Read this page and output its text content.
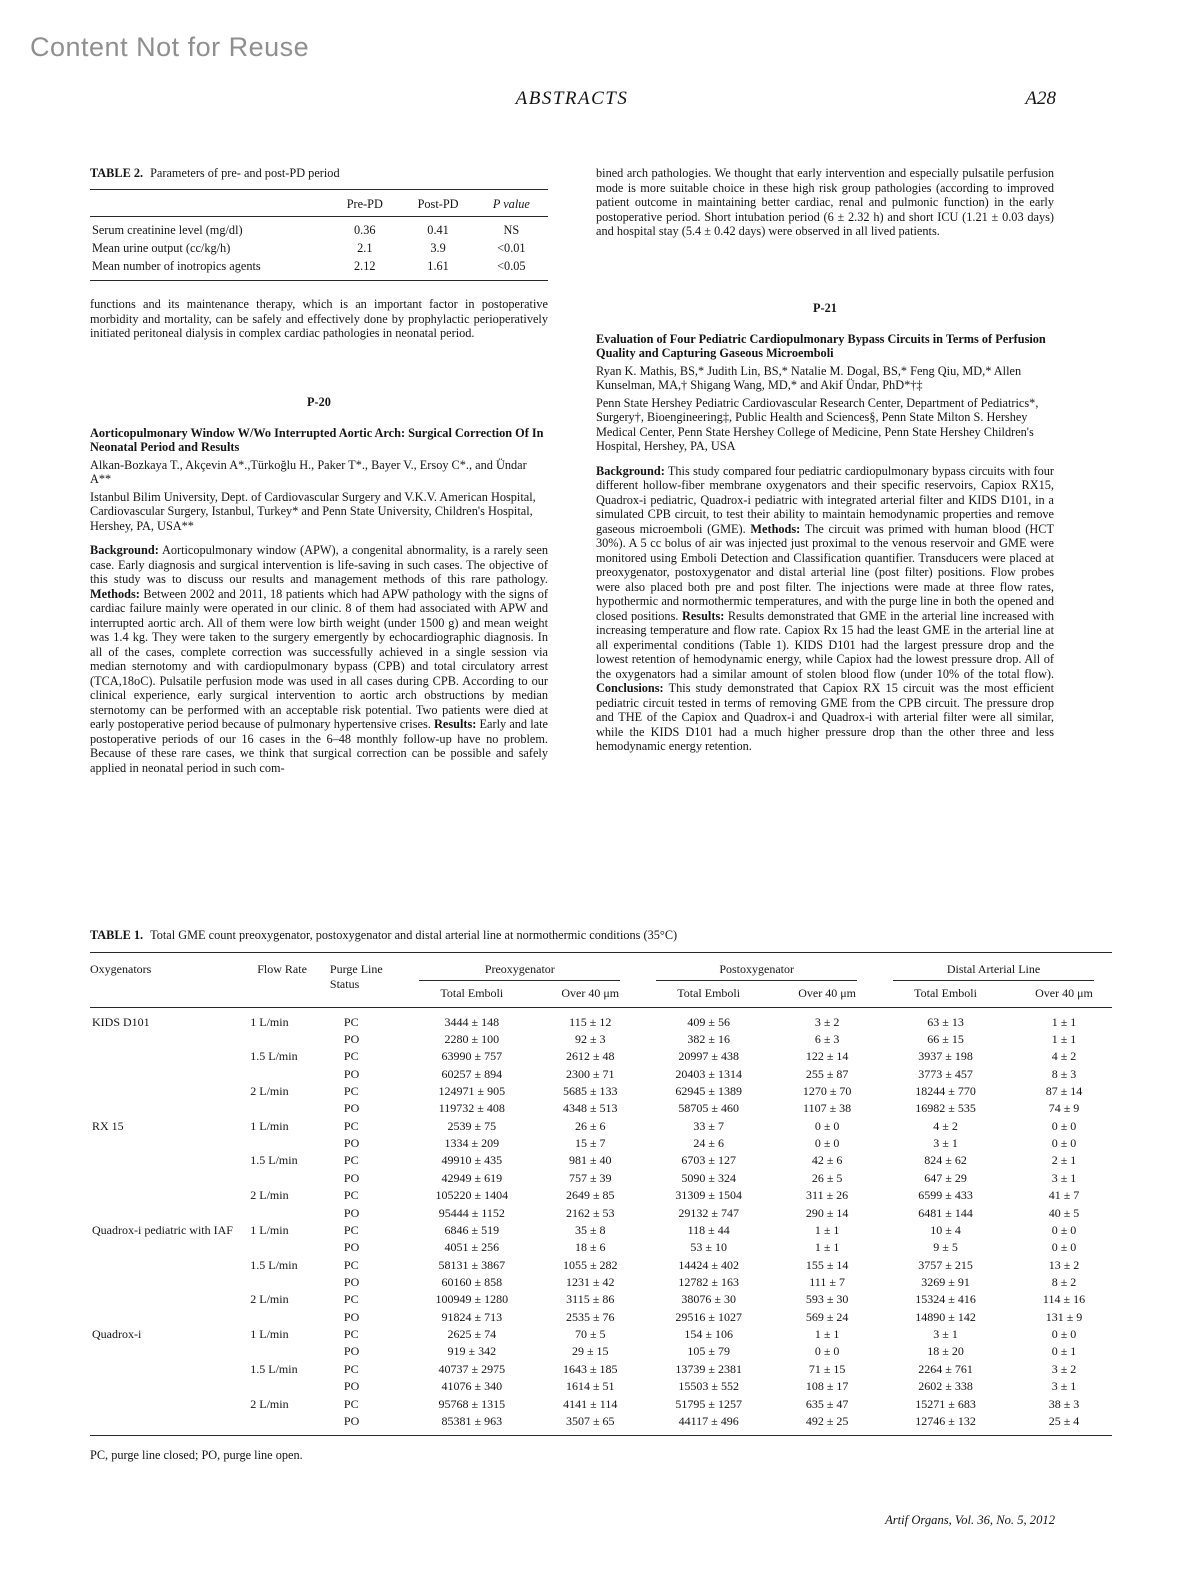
Content Not for Reuse
ABSTRACTS	A28
TABLE 2. Parameters of pre- and post-PD period
	Pre-PD	Post-PD	P value
Serum creatinine level (mg/dl)	0.36	0.41	NS
Mean urine output (cc/kg/h)	2.1	3.9	<0.01
Mean number of inotropics agents	2.12	1.61	<0.05

functions and its maintenance therapy, which is an important factor in postoperative morbidity and mortality, can be safely and effectively done by prophylactic perioperatively initiated peritoneal dialysis in complex cardiac pathologies in neonatal period.

P-20
Aorticopulmonary Window W/Wo Interrupted Aortic Arch: Surgical Correction Of In Neonatal Period and Results
Alkan-Bozkaya T., Akçevin A*.,Türkoğlu H., Paker T*., Bayer V., Ersoy C*., and Ündar A**
Istanbul Bilim University, Dept. of Cardiovascular Surgery and V.K.V. American Hospital, Cardiovascular Surgery, Istanbul, Turkey* and Penn State University, Children's Hospital, Hershey, PA, USA**

Background: Aorticopulmonary window (APW), a congenital abnormality, is a rarely seen case. Early diagnosis and surgical intervention is life-saving in such cases. The objective of this study was to discuss our results and management methods of this rare pathology. Methods: Between 2002 and 2011, 18 patients which had APW pathology with the signs of cardiac failure mainly were operated in our clinic. 8 of them had associated with APW and interrupted aortic arch. All of them were low birth weight (under 1500 g) and mean weight was 1.4 kg. They were taken to the surgery emergently by echocardiographic diagnosis. In all of the cases, complete correction was successfully achieved in a single session via median sternotomy and with cardiopulmonary bypass (CPB) and total circulatory arrest (TCA,18oC). Pulsatile perfusion mode was used in all cases during CPB. According to our clinical experience, early surgical intervention to aortic arch obstructions by median sternotomy can be performed with an acceptable risk potential. Two patients were died at early postoperative period because of pulmonary hypertensive crises. Results: Early and late postoperative periods of our 16 cases in the 6–48 monthly follow-up have no problem. Because of these rare cases, we think that surgical correction can be possible and safely applied in neonatal period in such com-

bined arch pathologies. We thought that early intervention and especially pulsatile perfusion mode is more suitable choice in these high risk group pathologies (according to improved patient outcome in maintaining better cardiac, renal and pulmonic function) in the early postoperative period. Short intubation period (6 ± 2.32 h) and short ICU (1.21 ± 0.03 days) and hospital stay (5.4 ± 0.42 days) were observed in all lived patients.

P-21
Evaluation of Four Pediatric Cardiopulmonary Bypass Circuits in Terms of Perfusion Quality and Capturing Gaseous Microemboli
Ryan K. Mathis, BS,* Judith Lin, BS,* Natalie M. Dogal, BS,* Feng Qiu, MD,* Allen Kunselman, MA,† Shigang Wang, MD,* and Akif Ündar, PhD*†‡
Penn State Hershey Pediatric Cardiovascular Research Center, Department of Pediatrics*, Surgery†, Bioengineering‡, Public Health and Sciences§, Penn State Milton S. Hershey Medical Center, Penn State Hershey College of Medicine, Penn State Hershey Children's Hospital, Hershey, PA, USA

Background: This study compared four pediatric cardiopulmonary bypass circuits with four different hollow-fiber membrane oxygenators and their specific reservoirs, Capiox RX15, Quadrox-i pediatric, Quadrox-i pediatric with integrated arterial filter and KIDS D101, in a simulated CPB circuit, to test their ability to maintain hemodynamic properties and remove gaseous microemboli (GME). Methods: The circuit was primed with human blood (HCT 30%). A 5 cc bolus of air was injected just proximal to the venous reservoir and GME were monitored using Emboli Detection and Classification quantifier. Transducers were placed at preoxygenator, postoxygenator and distal arterial line (post filter) positions. Flow probes were also placed both pre and post filter. The injections were made at three flow rates, hypothermic and normothermic temperatures, and with the purge line in both the opened and closed positions. Results: Results demonstrated that GME in the arterial line increased with increasing temperature and flow rate. Capiox Rx 15 had the least GME in the arterial line at all experimental conditions (Table 1). KIDS D101 had the largest pressure drop and the lowest retention of hemodynamic energy, while Capiox had the lowest pressure drop. All of the oxygenators had a similar amount of stolen blood flow (under 10% of the total flow). Conclusions: This study demonstrated that Capiox RX 15 circuit was the most efficient pediatric circuit tested in terms of removing GME from the CPB circuit. The pressure drop and THE of the Capiox and Quadrox-i and Quadrox-i with arterial filter were all similar, while the KIDS D101 had a much higher pressure drop than the other three and less hemodynamic energy retention.

TABLE 1. Total GME count preoxygenator, postoxygenator and distal arterial line at normothermic conditions (35°C)
Oxygenators	Flow Rate	Purge Line Status	Preoxygenator		Postoxygenator		Distal Arterial Line	

			Total Emboli	Over 40 μm	Total Emboli	Over 40 μm	Total Emboli	Over 40 μm
KIDS D101	1 L/min	PC	3444 ± 148	115 ± 12	409 ± 56	3 ± 2	63 ± 13	1 ± 1
		PO	2280 ± 100	92 ± 3	382 ± 16	6 ± 3	66 ± 15	1 ± 1
	1.5 L/min	PC	63990 ± 757	2612 ± 48	20997 ± 438	122 ± 14	3937 ± 198	4 ± 2
		PO	60257 ± 894	2300 ± 71	20403 ± 1314	255 ± 87	3773 ± 457	8 ± 3
	2 L/min	PC	124971 ± 905	5685 ± 133	62945 ± 1389	1270 ± 70	18244 ± 770	87 ± 14
		PO	119732 ± 408	4348 ± 513	58705 ± 460	1107 ± 38	16982 ± 535	74 ± 9
RX 15	1 L/min	PC	2539 ± 75	26 ± 6	33 ± 7	0 ± 0	4 ± 2	0 ± 0
		PO	1334 ± 209	15 ± 7	24 ± 6	0 ± 0	3 ± 1	0 ± 0
	1.5 L/min	PC	49910 ± 435	981 ± 40	6703 ± 127	42 ± 6	824 ± 62	2 ± 1
		PO	42949 ± 619	757 ± 39	5090 ± 324	26 ± 5	647 ± 29	3 ± 1
	2 L/min	PC	105220 ± 1404	2649 ± 85	31309 ± 1504	311 ± 26	6599 ± 433	41 ± 7
		PO	95444 ± 1152	2162 ± 53	29132 ± 747	290 ± 14	6481 ± 144	40 ± 5
Quadrox-i pediatric with IAF	1 L/min	PC	6846 ± 519	35 ± 8	118 ± 44	1 ± 1	10 ± 4	0 ± 0
		PO	4051 ± 256	18 ± 6	53 ± 10	1 ± 1	9 ± 5	0 ± 0
	1.5 L/min	PC	58131 ± 3867	1055 ± 282	14424 ± 402	155 ± 14	3757 ± 215	13 ± 2
		PO	60160 ± 858	1231 ± 42	12782 ± 163	111 ± 7	3269 ± 91	8 ± 2
	2 L/min	PC	100949 ± 1280	3115 ± 86	38076 ± 30	593 ± 30	15324 ± 416	114 ± 16
		PO	91824 ± 713	2535 ± 76	29516 ± 1027	569 ± 24	14890 ± 142	131 ± 9
Quadrox-i	1 L/min	PC	2625 ± 74	70 ± 5	154 ± 106	1 ± 1	3 ± 1	0 ± 0
		PO	919 ± 342	29 ± 15	105 ± 79	0 ± 0	18 ± 20	0 ± 1
	1.5 L/min	PC	40737 ± 2975	1643 ± 185	13739 ± 2381	71 ± 15	2264 ± 761	3 ± 2
		PO	41076 ± 340	1614 ± 51	15503 ± 552	108 ± 17	2602 ± 338	3 ± 1
	2 L/min	PC	95768 ± 1315	4141 ± 114	51795 ± 1257	635 ± 47	15271 ± 683	38 ± 3
		PO	85381 ± 963	3507 ± 65	44117 ± 496	492 ± 25	12746 ± 132	25 ± 4
PC, purge line closed; PO, purge line open.
Artif Organs, Vol. 36, No. 5, 2012
